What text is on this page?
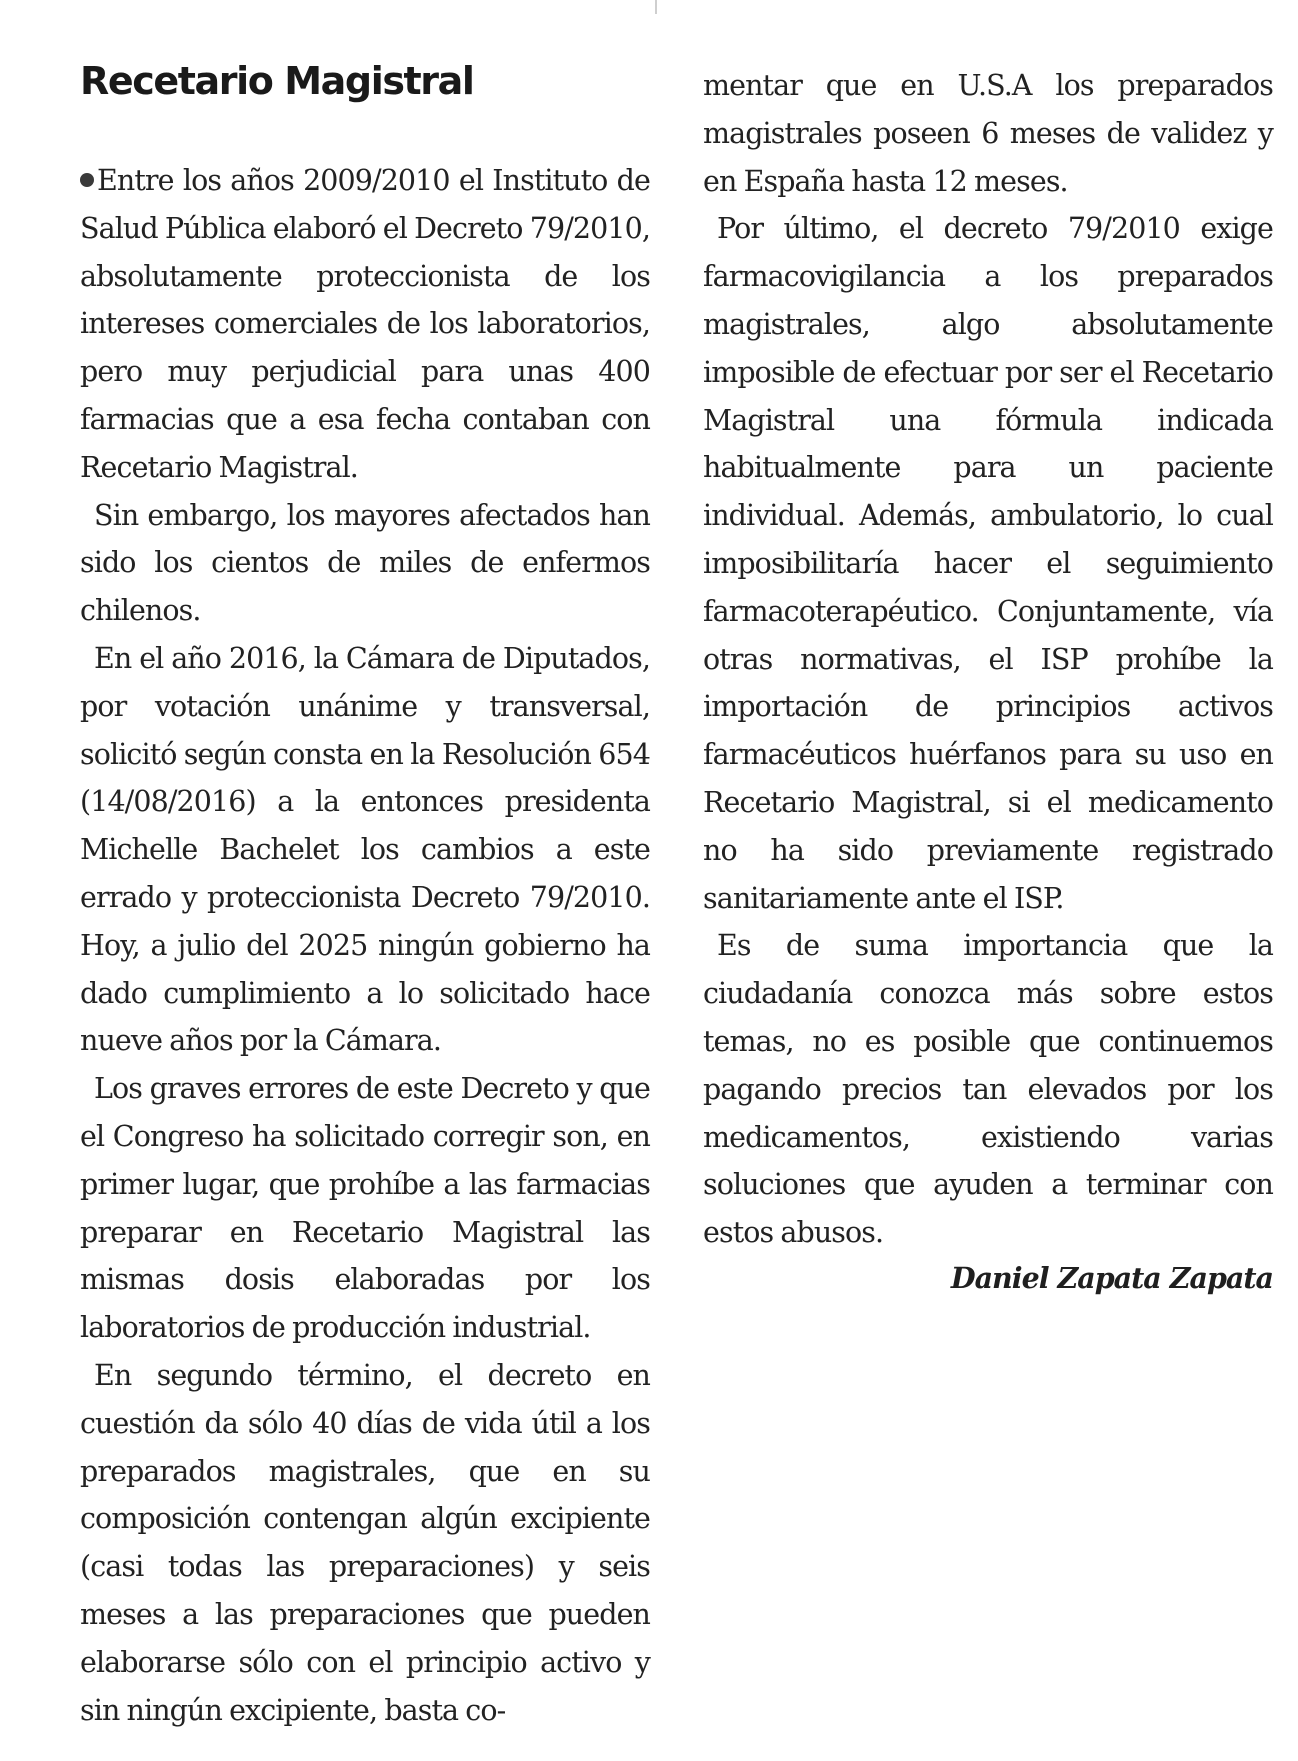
Recetario Magistral

Entre los años 2009/2010 el Instituto de Salud Pública elaboró el Decreto 79/2010, absolutamente proteccionista de los intereses comerciales de los laboratorios, pero muy perjudicial para unas 400 farmacias que a esa fecha contaban con Recetario Magistral.

Sin embargo, los mayores afectados han sido los cientos de miles de enfermos chilenos.

En el año 2016, la Cámara de Diputados, por votación unánime y transversal, solicitó según consta en la Resolución 654 (14/08/2016) a la entonces presidenta Michelle Bachelet los cambios a este errado y proteccionista Decreto 79/2010. Hoy, a julio del 2025 ningún gobierno ha dado cumplimiento a lo solicitado hace nueve años por la Cámara.

Los graves errores de este Decreto y que el Congreso ha solicitado corregir son, en primer lugar, que prohíbe a las farmacias preparar en Recetario Magistral las mismas dosis elaboradas por los laboratorios de producción industrial.

En segundo término, el decreto en cuestión da sólo 40 días de vida útil a los preparados magistrales, que en su composición contengan algún excipiente (casi todas las preparaciones) y seis meses a las preparaciones que pueden elaborarse sólo con el principio activo y sin ningún excipiente, basta co-

mentar que en U.S.A los preparados magistrales poseen 6 meses de validez y en España hasta 12 meses.

Por último, el decreto 79/2010 exige farmacovigilancia a los preparados magistrales, algo absolutamente imposible de efectuar por ser el Recetario Magistral una fórmula indicada habitualmente para un paciente individual. Además, ambulatorio, lo cual imposibilitaría hacer el seguimiento farmacoterapéutico. Conjuntamente, vía otras normativas, el ISP prohíbe la importación de principios activos farmacéuticos huérfanos para su uso en Recetario Magistral, si el medicamento no ha sido previamente registrado sanitariamente ante el ISP.

Es de suma importancia que la ciudadanía conozca más sobre estos temas, no es posible que continuemos pagando precios tan elevados por los medicamentos, existiendo varias soluciones que ayuden a terminar con estos abusos.

Daniel Zapata Zapata
